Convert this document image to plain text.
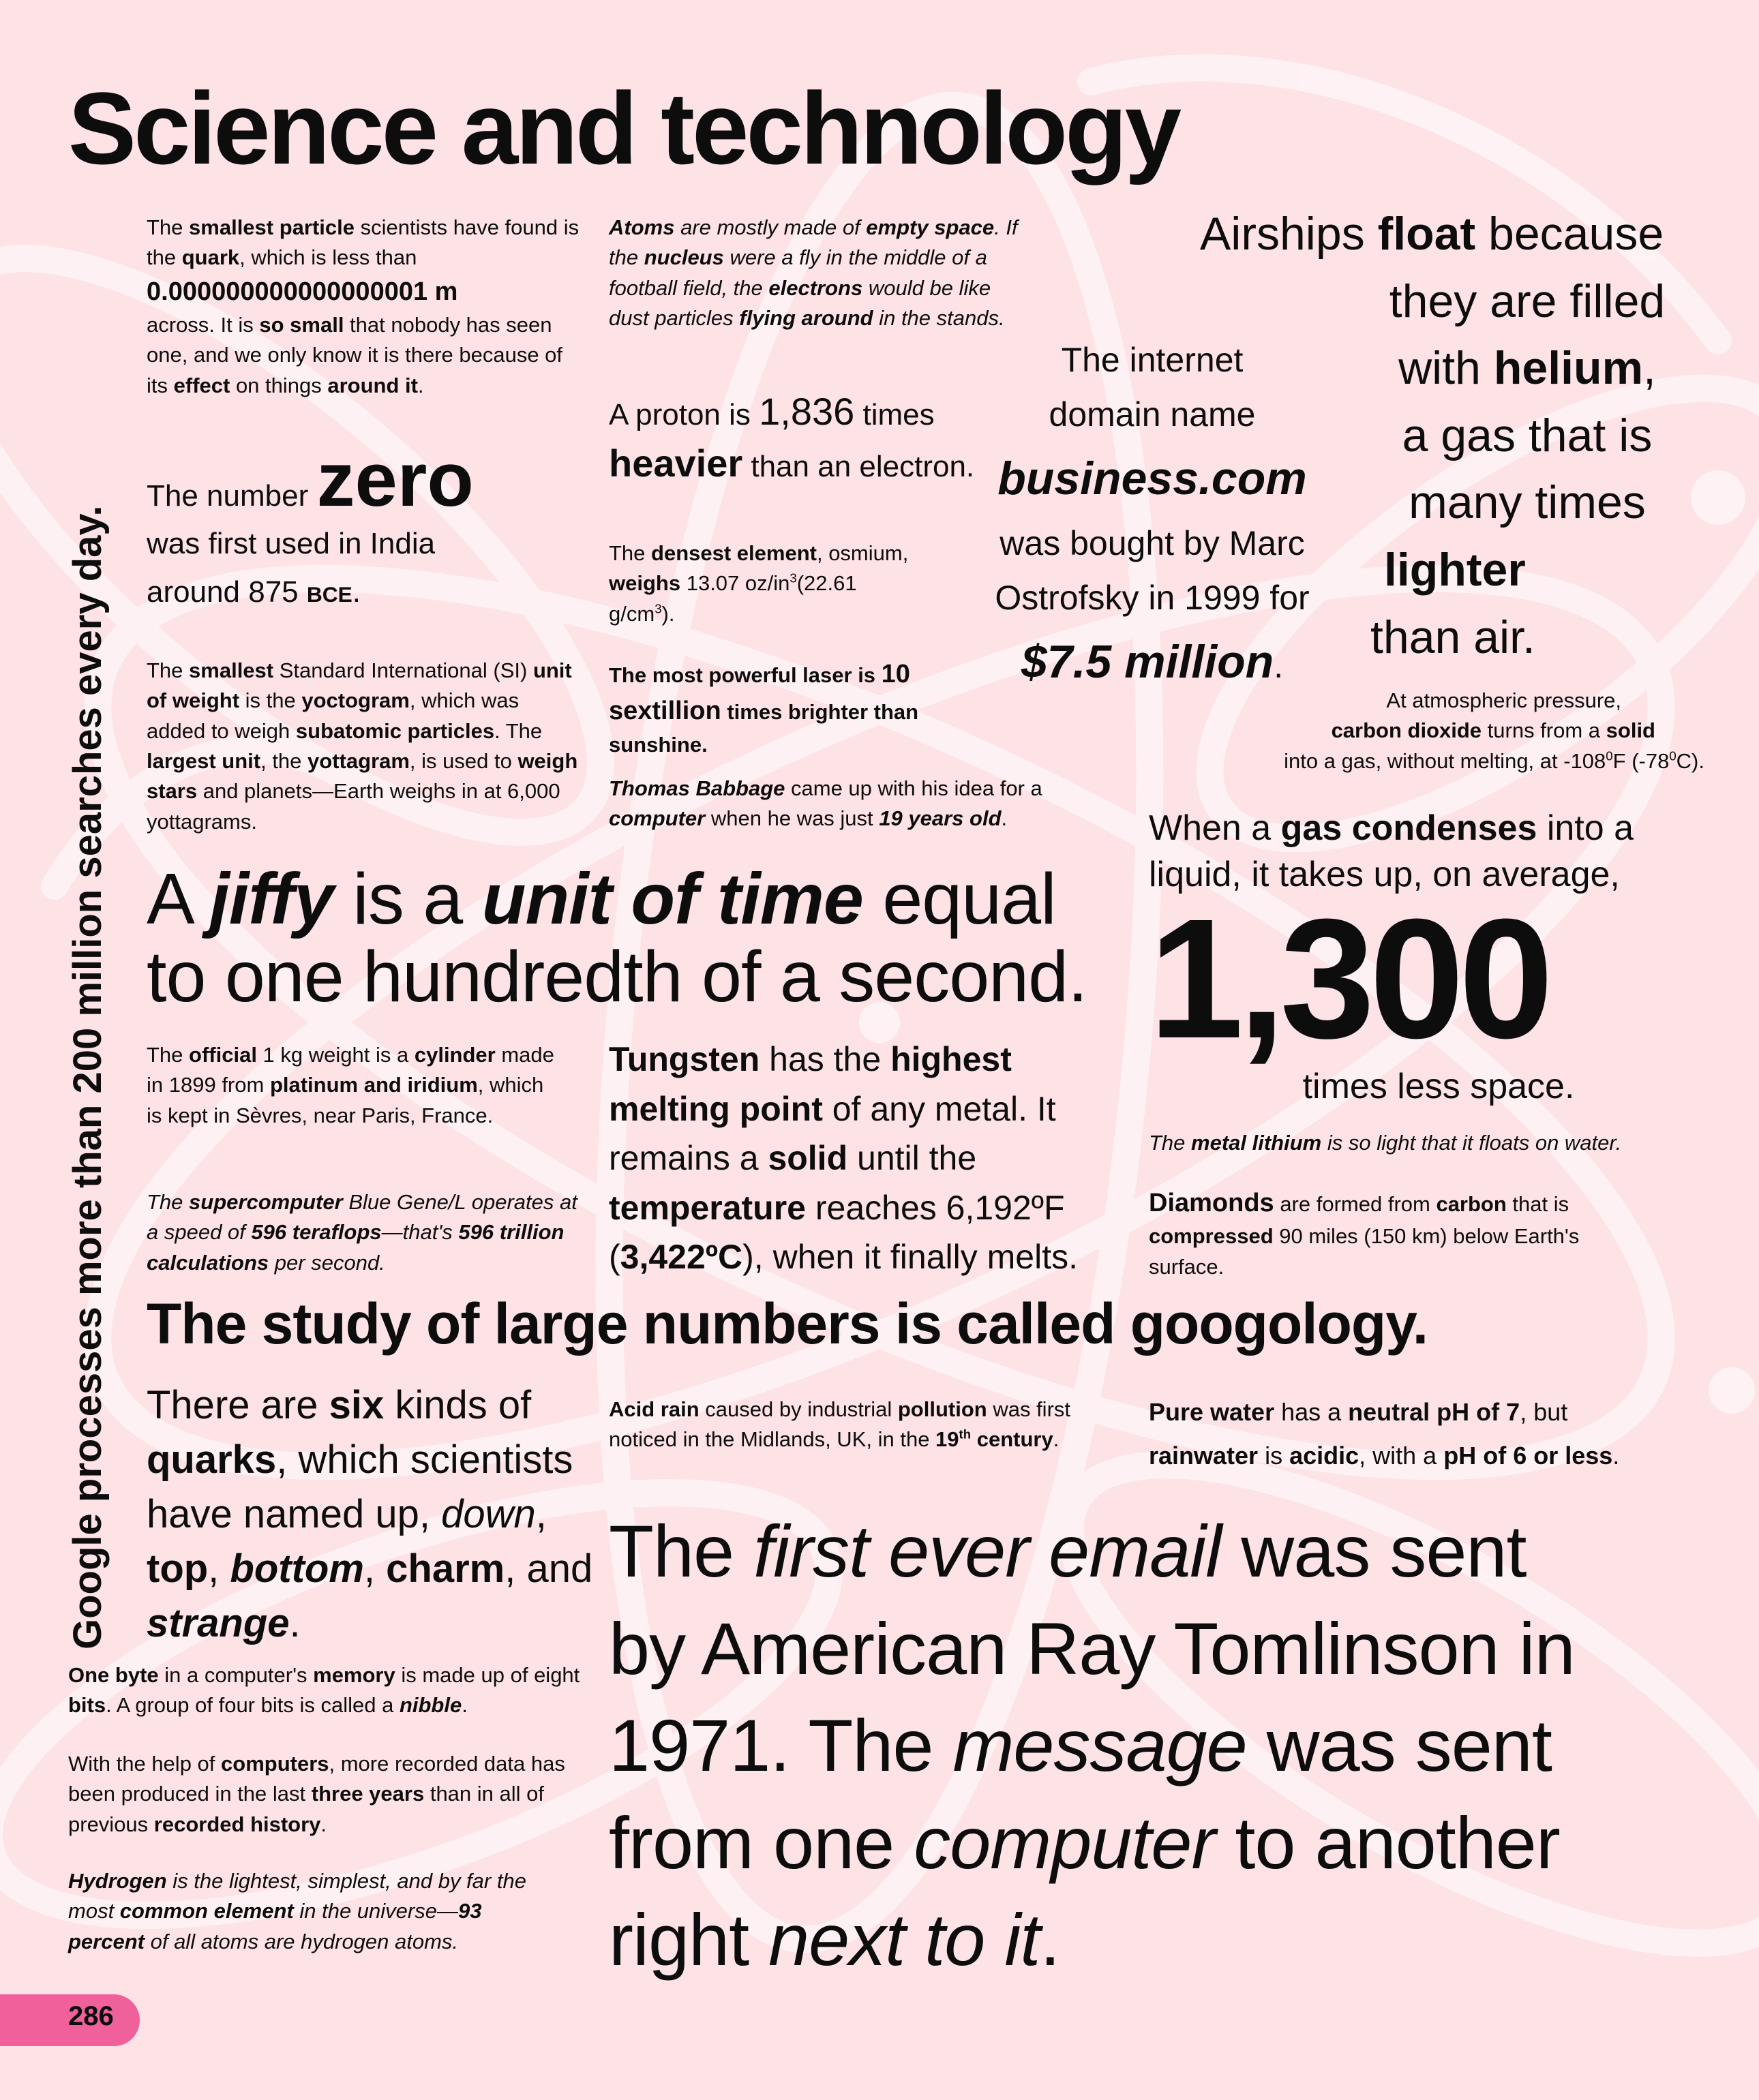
Science and technology
Google processes more than 200 million searches every day.
The smallest particle scientists have found is the quark, which is less than
0.000000000000000001 m
across. It is so small that nobody has seen one, and we only know it is there because of its effect on things around it.
The number zero
was first used in India
around 875 BCE.
The smallest Standard International (SI) unit of weight is the yoctogram, which was added to weigh subatomic particles. The largest unit, the yottagram, is used to weigh stars and planets—Earth weighs in at 6,000 yottagrams.
Atoms are mostly made of empty space. If the nucleus were a fly in the middle of a football field, the electrons would be like dust particles flying around in the stands.
A proton is 1,836 times heavier than an electron.
The densest element, osmium, weighs 13.07 $oz/in^3(22.61$ $g/cm^3$).
The most powerful laser is 10 sextillion times brighter than sunshine.
Thomas Babbage came up with his idea for a computer when he was just 19 years old.
The internet
domain name
business.com
was bought by Marc
Ostrofsky in 1999 for
$7.5 million.
Airships float because
they are filled
with helium,
a gas that is
many times
lighter
than air.
At atmospheric pressure,
carbon dioxide turns from a solid
into a gas, without melting, at $-108^0F$ $(-78^0C)$.
When a gas condenses into a
liquid, it takes up, on average,
1,300
times less space.
A jiffy is a unit of time equal
to one hundredth of a second.
The official 1 kg weight is a cylinder made in 1899 from platinum and iridium, which is kept in Sèvres, near Paris, France.
The supercomputer Blue Gene/L operates at a speed of 596 teraflops—that's 596 trillion calculations per second.
Tungsten has the highest melting point of any metal. It remains a solid until the temperature reaches 6,192ºF (3,422ºC), when it finally melts.
The metal lithium is so light that it floats on water.
Diamonds are formed from carbon that is compressed 90 miles (150 km) below Earth's surface.
The study of large numbers is called googology.
There are six kinds of quarks, which scientists have named up, down, top, bottom, charm, and strange.
One byte in a computer's memory is made up of eight bits. A group of four bits is called a nibble.
With the help of computers, more recorded data has been produced in the last three years than in all of previous recorded history.
Hydrogen is the lightest, simplest, and by far the most common element in the universe—93 percent of all atoms are hydrogen atoms.
Acid rain caused by industrial pollution was first noticed in the Midlands, UK, in the 19th century.
Pure water has a neutral pH of 7, but rainwater is acidic, with a pH of 6 or less.
The first ever email was sent by American Ray Tomlinson in 1971. The message was sent from one computer to another right next to it.
286
